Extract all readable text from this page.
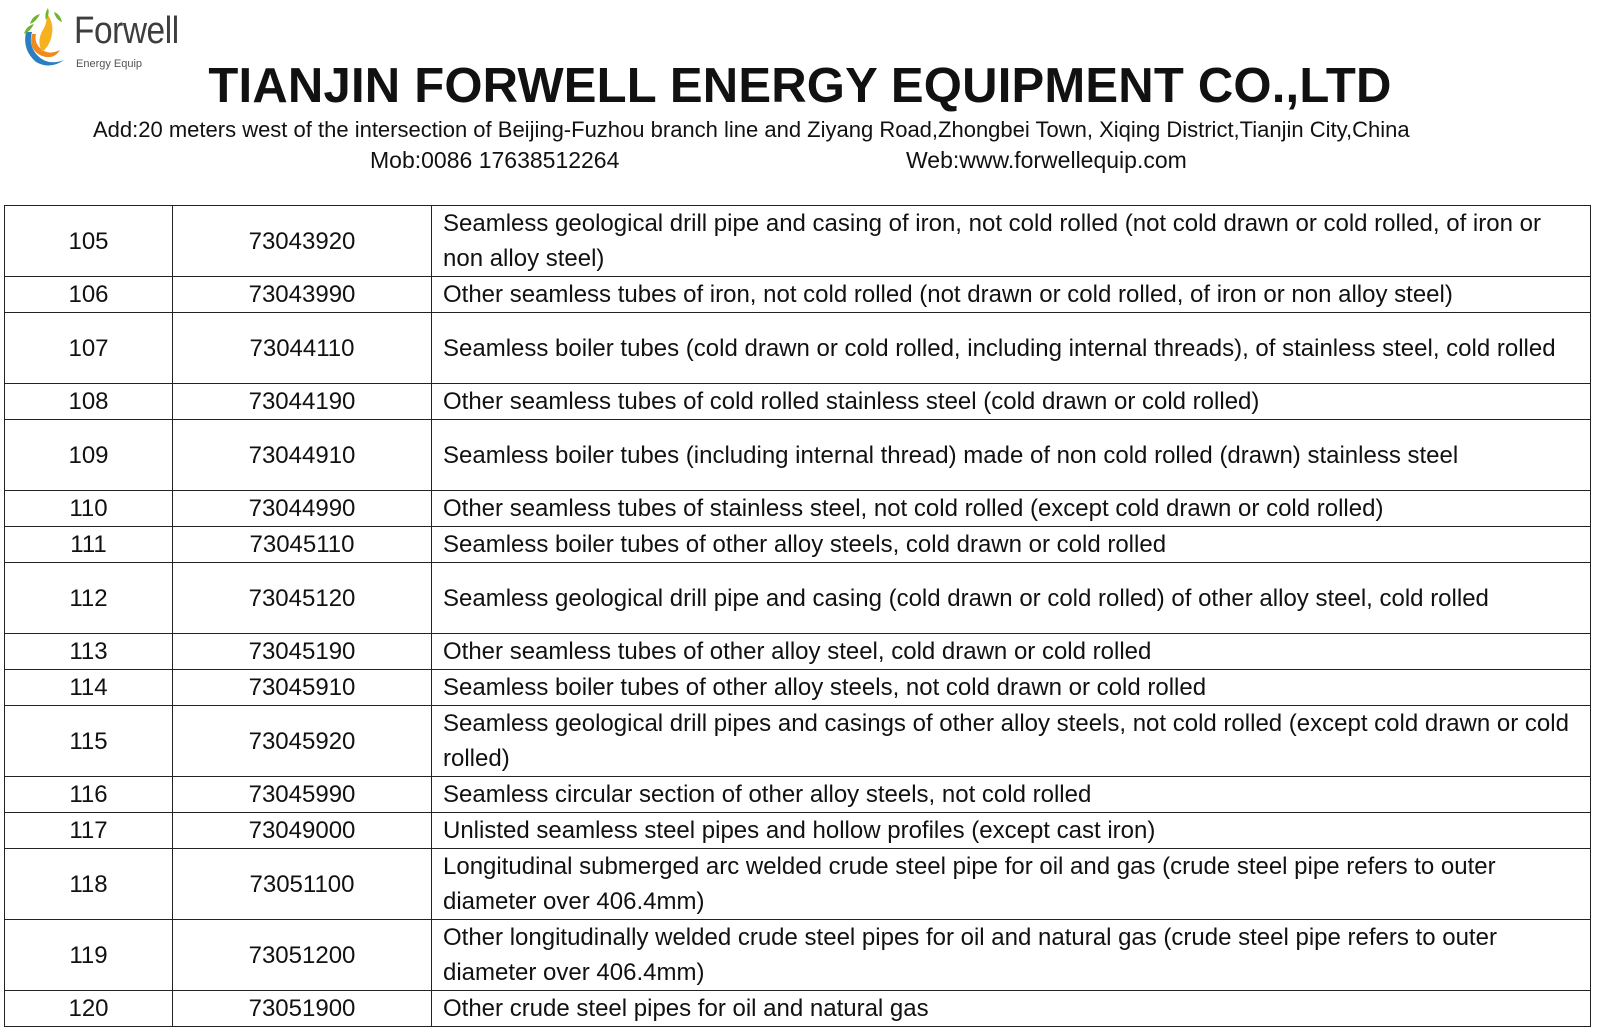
Forwell
Energy Equip	TIANJIN FORWELL ENERGY EQUIPMENT CO.,LTD
Add:20 meters west of the intersection of Beijing-Fuzhou branch line and Ziyang Road,Zhongbei Town, Xiqing District,Tianjin City,China
Mob:0086 17638512264	Web:www.forwellequip.com
105	73043920	Seamless geological drill pipe and casing of iron, not cold rolled (not cold drawn or cold rolled, of iron or non alloy steel)
106	73043990	Other seamless tubes of iron, not cold rolled (not drawn or cold rolled, of iron or non alloy steel)
107	73044110	Seamless boiler tubes (cold drawn or cold rolled, including internal threads), of stainless steel, cold rolled
108	73044190	Other seamless tubes of cold rolled stainless steel (cold drawn or cold rolled)
109	73044910	Seamless boiler tubes (including internal thread) made of non cold rolled (drawn) stainless steel
110	73044990	Other seamless tubes of stainless steel, not cold rolled (except cold drawn or cold rolled)
111	73045110	Seamless boiler tubes of other alloy steels, cold drawn or cold rolled
112	73045120	Seamless geological drill pipe and casing (cold drawn or cold rolled) of other alloy steel, cold rolled
113	73045190	Other seamless tubes of other alloy steel, cold drawn or cold rolled
114	73045910	Seamless boiler tubes of other alloy steels, not cold drawn or cold rolled
115	73045920	Seamless geological drill pipes and casings of other alloy steels, not cold rolled (except cold drawn or cold rolled)
116	73045990	Seamless circular section of other alloy steels, not cold rolled
117	73049000	Unlisted seamless steel pipes and hollow profiles (except cast iron)
118	73051100	Longitudinal submerged arc welded crude steel pipe for oil and gas (crude steel pipe refers to outer diameter over 406.4mm)
119	73051200	Other longitudinally welded crude steel pipes for oil and natural gas (crude steel pipe refers to outer diameter over 406.4mm)
120	73051900	Other crude steel pipes for oil and natural gas
